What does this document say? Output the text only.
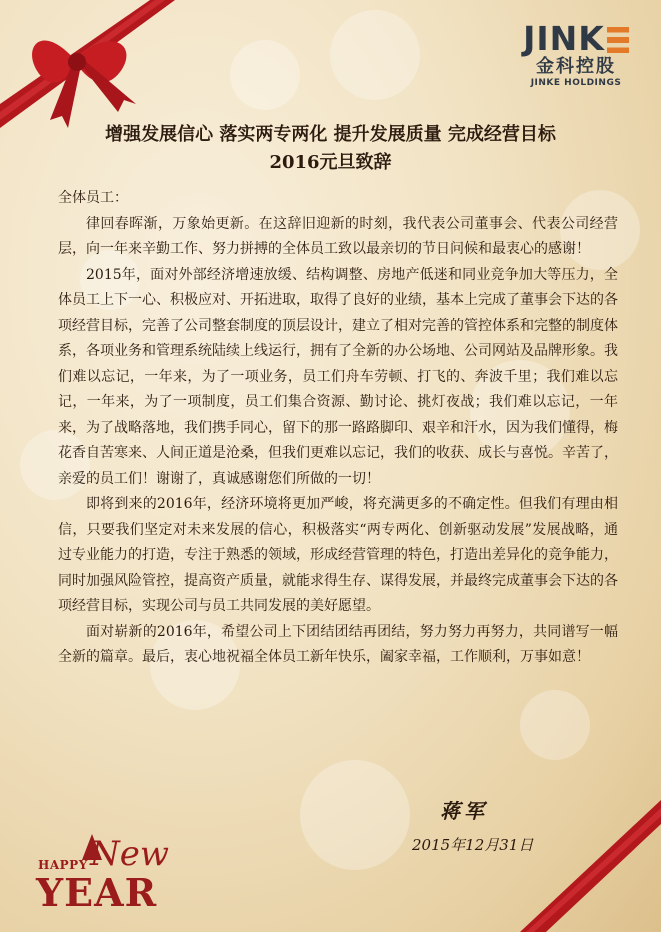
JINK
金科控股
JINKE HOLDINGS
增强发展信心 落实两专两化 提升发展质量 完成经营目标
2016元旦致辞

全体员工：

律回春晖渐，万象始更新。在这辞旧迎新的时刻，我代表公司董事会、代表公司经营层，向一年来辛勤工作、努力拼搏的全体员工致以最亲切的节日问候和最衷心的感谢！

2015年，面对外部经济增速放缓、结构调整、房地产低迷和同业竞争加大等压力，全体员工上下一心、积极应对、开拓进取，取得了良好的业绩，基本上完成了董事会下达的各项经营目标，完善了公司整套制度的顶层设计，建立了相对完善的管控体系和完整的制度体系，各项业务和管理系统陆续上线运行，拥有了全新的办公场地、公司网站及品牌形象。我们难以忘记，一年来，为了一项业务，员工们舟车劳顿、打飞的、奔波千里；我们难以忘记，一年来，为了一项制度，员工们集合资源、勤讨论、挑灯夜战；我们难以忘记，一年来，为了战略落地，我们携手同心，留下的那一路路脚印、艰辛和汗水，因为我们懂得，梅花香自苦寒来、人间正道是沧桑，但我们更难以忘记，我们的收获、成长与喜悦。辛苦了，亲爱的员工们！谢谢了，真诚感谢您们所做的一切！

即将到来的2016年，经济环境将更加严峻，将充满更多的不确定性。但我们有理由相信，只要我们坚定对未来发展的信心，积极落实“两专两化、创新驱动发展”发展战略，通过专业能力的打造，专注于熟悉的领域，形成经营管理的特色，打造出差异化的竞争能力，同时加强风险管控，提高资产质量，就能求得生存、谋得发展，并最终完成董事会下达的各项经营目标，实现公司与员工共同发展的美好愿望。

面对崭新的2016年，希望公司上下团结团结再团结，努力努力再努力，共同谱写一幅全新的篇章。最后，衷心地祝福全体员工新年快乐，阖家幸福，工作顺利，万事如意！

蒋军
2015年12月31日
HAPPY New
YEAR
